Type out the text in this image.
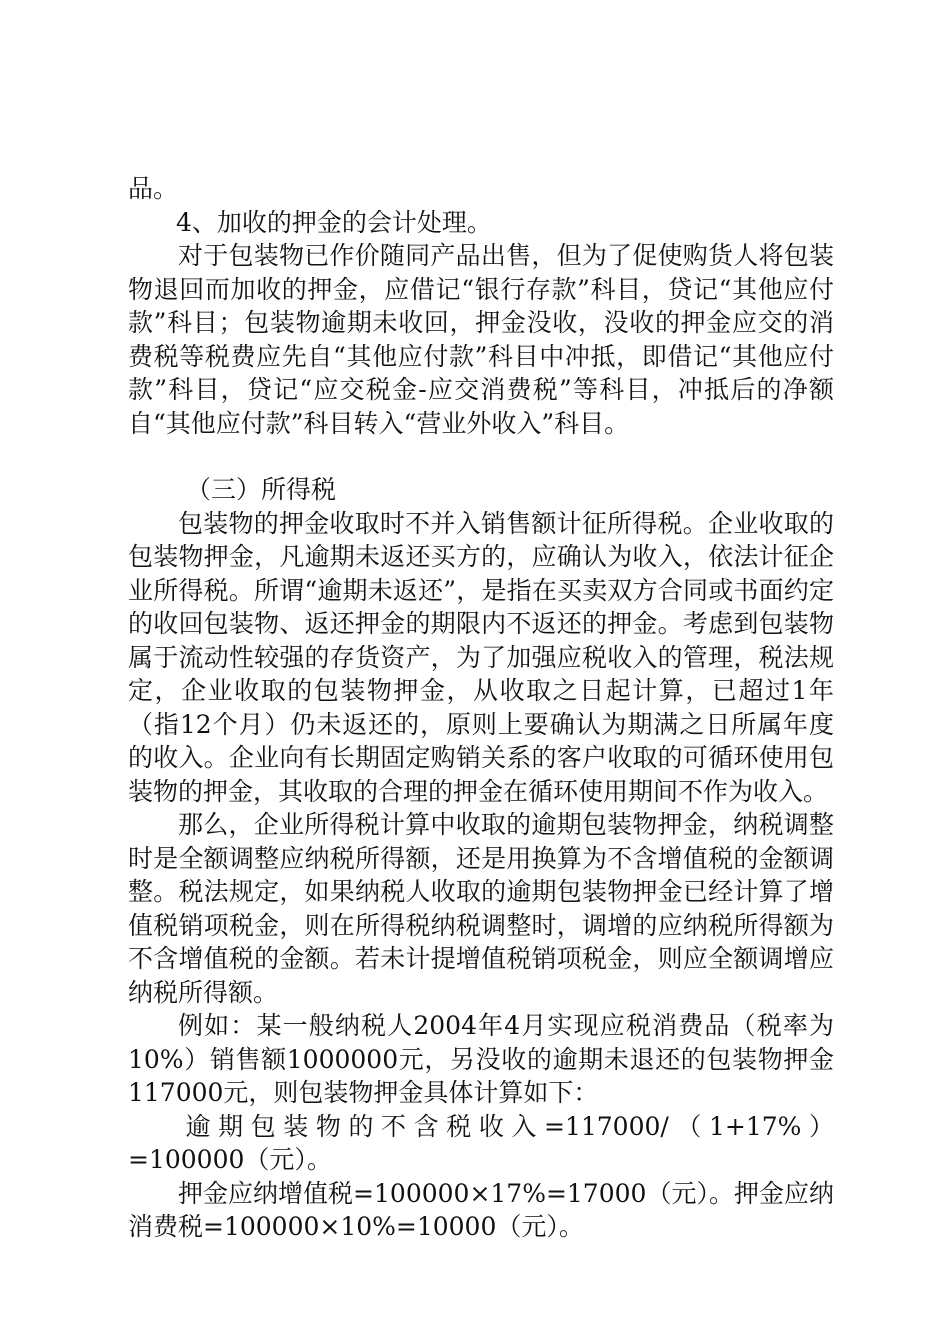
品。

4、加收的押金的会计处理。

对于包装物已作价随同产品出售，但为了促使购货人将包装物退回而加收的押金，应借记“银行存款”科目，贷记“其他应付款”科目；包装物逾期未收回，押金没收，没收的押金应交的消费税等税费应先自“其他应付款”科目中冲抵，即借记“其他应付款”科目，贷记“应交税金-应交消费税”等科目，冲抵后的净额自“其他应付款”科目转入“营业外收入”科目。

（三）所得税

包装物的押金收取时不并入销售额计征所得税。企业收取的包装物押金，凡逾期未返还买方的，应确认为收入，依法计征企业所得税。所谓“逾期未返还”，是指在买卖双方合同或书面约定的收回包装物、返还押金的期限内不返还的押金。考虑到包装物属于流动性较强的存货资产，为了加强应税收入的管理，税法规定，企业收取的包装物押金，从收取之日起计算，已超过1年（指12个月）仍未返还的，原则上要确认为期满之日所属年度的收入。企业向有长期固定购销关系的客户收取的可循环使用包装物的押金，其收取的合理的押金在循环使用期间不作为收入。

那么，企业所得税计算中收取的逾期包装物押金，纳税调整时是全额调整应纳税所得额，还是用换算为不含增值税的金额调整。税法规定，如果纳税人收取的逾期包装物押金已经计算了增值税销项税金，则在所得税纳税调整时，调增的应纳税所得额为不含增值税的金额。若未计提增值税销项税金，则应全额调增应纳税所得额。

例如：某一般纳税人2004年4月实现应税消费品（税率为10%）销售额1000000元，另没收的逾期未退还的包装物押金117000元，则包装物押金具体计算如下：

逾期包装物的不含税收入=117000/（1+17%）=100000（元）。

押金应纳增值税=100000×17%=17000（元）。押金应纳消费税=100000×10%=10000（元）。
